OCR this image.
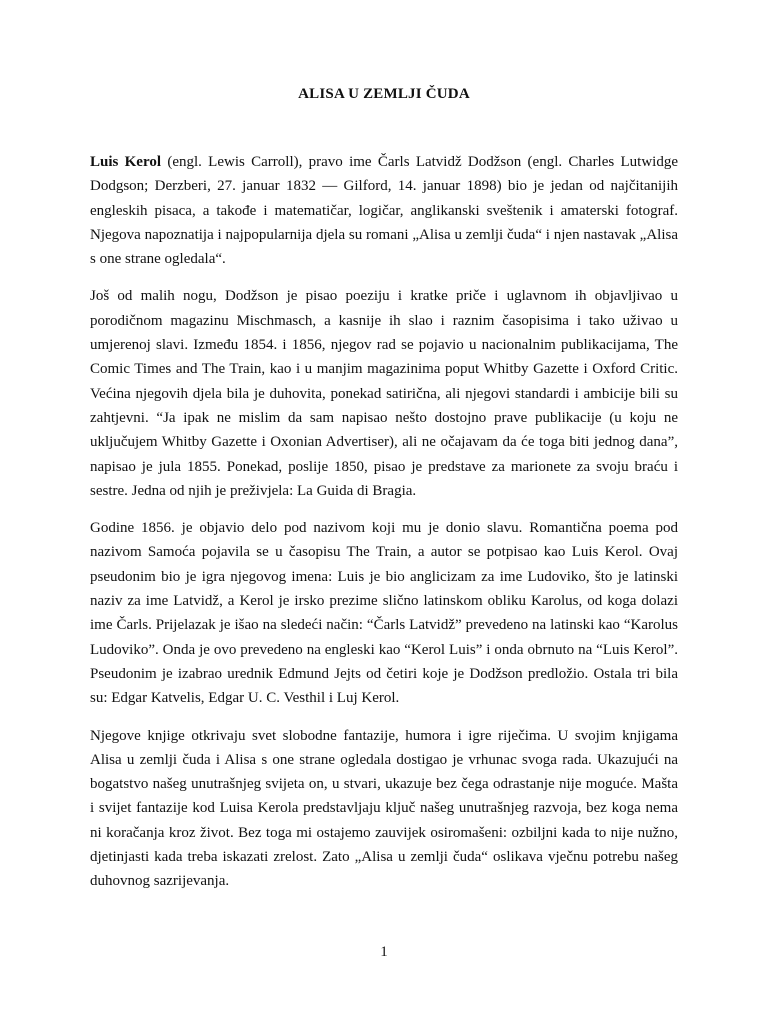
ALISA U ZEMLJI ČUDA

Luis Kerol (engl. Lewis Carroll), pravo ime Čarls Latvidž Dodžson (engl. Charles Lutwidge Dodgson; Derzberi, 27. januar 1832 — Gilford, 14. januar 1898) bio je jedan od najčitanijih engleskih pisaca, a takođe i matematičar, logičar, anglikanski sveštenik i amaterski fotograf. Njegova napoznatija i najpopularnija djela su romani „Alisa u zemlji čuda“ i njen nastavak „Alisa s one strane ogledala“.

Još od malih nogu, Dodžson je pisao poeziju i kratke priče i uglavnom ih objavljivao u porodičnom magazinu Mischmasch, a kasnije ih slao i raznim časopisima i tako uživao u umjerenoj slavi. Između 1854. i 1856, njegov rad se pojavio u nacionalnim publikacijama, The Comic Times and The Train, kao i u manjim magazinima poput Whitby Gazette i Oxford Critic. Većina njegovih djela bila je duhovita, ponekad satirična, ali njegovi standardi i ambicije bili su zahtjevni. “Ja ipak ne mislim da sam napisao nešto dostojno prave publikacije (u koju ne uključujem Whitby Gazette i Oxonian Advertiser), ali ne očajavam da će toga biti jednog dana”, napisao je jula 1855. Ponekad, poslije 1850, pisao je predstave za marionete za svoju braću i sestre. Jedna od njih je preživjela: La Guida di Bragia.

Godine 1856. je objavio delo pod nazivom koji mu je donio slavu. Romantična poema pod nazivom Samoća pojavila se u časopisu The Train, a autor se potpisao kao Luis Kerol. Ovaj pseudonim bio je igra njegovog imena: Luis je bio anglicizam za ime Ludoviko, što je latinski naziv za ime Latvidž, a Kerol je irsko prezime slično latinskom obliku Karolus, od koga dolazi ime Čarls. Prijelazak je išao na sledeći način: “Čarls Latvidž” prevedeno na latinski kao “Karolus Ludoviko”. Onda je ovo prevedeno na engleski kao “Kerol Luis” i onda obrnuto na “Luis Kerol”. Pseudonim je izabrao urednik Edmund Jejts od četiri koje je Dodžson predložio. Ostala tri bila su: Edgar Katvelis, Edgar U. C. Vesthil i Luj Kerol.

Njegove knjige otkrivaju svet slobodne fantazije, humora i igre riječima. U svojim knjigama Alisa u zemlji čuda i Alisa s one strane ogledala dostigao je vrhunac svoga rada. Ukazujući na bogatstvo našeg unutrašnjeg svijeta on, u stvari, ukazuje bez čega odrastanje nije moguće. Mašta i svijet fantazije kod Luisa Kerola predstavljaju ključ našeg unutrašnjeg razvoja, bez koga nema ni koračanja kroz život. Bez toga mi ostajemo zauvijek osiromašeni: ozbiljni kada to nije nužno, djetinjasti kada treba iskazati zrelost. Zato „Alisa u zemlji čuda“ oslikava vječnu potrebu našeg duhovnog sazrijevanja.

1
